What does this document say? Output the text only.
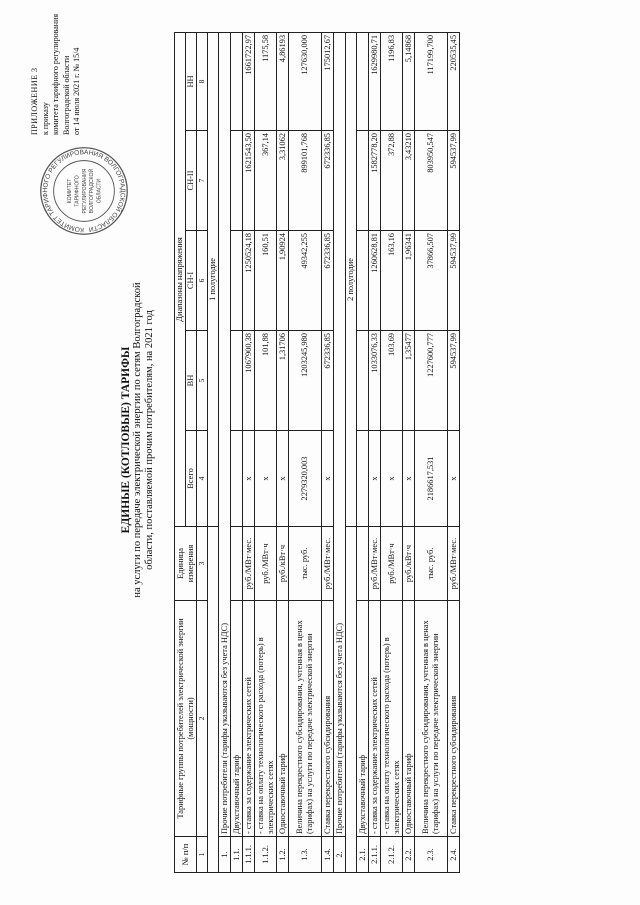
ПРИЛОЖЕНИЕ 3 к приказу комитета тарифного регулирования Волгоградской области от 14 июля 2021 г. № 15/4
КОМИТЕТ ТАРИФНОГО РЕГУЛИРОВАНИЯ ВОЛГОГРАДСКОЙ ОБЛАСТИ
КОМИТЕТ ТАРИФНОГО РЕГУЛИРОВАНИЯ ВОЛГОГРАДСКОЙ ОБЛАСТИ
ЕДИНЫЕ (КОТЛОВЫЕ) ТАРИФЫ на услуги по передаче электрической энергии по сетям Волгоградской области, поставляемой прочим потребителям, на 2021 год
№ п/п	Тарифные группы потребителей электрической энергии (мощности)	Единица измерения	Диапазоны напряжения				
			Всего	ВН	СН-I	СН-II	НН
1	2	3	4	5	6	7	8
			1 полугодие				
1.	Прочие потребители (тарифы указываются без учета НДС)						
1.1.	Двухставочный тариф						
1.1.1.	- ставка за содержание электрических сетей	руб./МВт·мес.	х	1067900,38	1250524,18	1621543,50	1661722,97
1.1.2.	- ставка на оплату технологического расхода (потерь) в электрических сетях	руб./МВт·ч	х	101,88	160,51	367,14	1175,58
1.2.	Одноставочный тариф	руб./кВт·ч	х	1,31706	1,90924	3,31062	4,86193
1.3.	Величина перекрестного субсидирования, учтенная в ценах (тарифах) на услуги по передаче электрической энергии	тыс. руб.	2279320,003	1203245,980	49342,255	899101,768	127630,000
1.4.	Ставка перекрестного субсидирования	руб./МВт·мес.	х	672336,85	672336,85	672336,85	175012,67
2.	Прочие потребители (тарифы указываются без учета НДС)						
			2 полугодие				
2.1.	Двухставочный тариф						
2.1.1.	- ставка за содержание электрических сетей	руб./МВт·мес.	х	1033076,33	1260628,81	1582778,20	1629980,71
2.1.2.	- ставка на оплату технологического расхода (потерь) в электрических сетях	руб./МВт·ч	х	103,69	163,16	372,88	1196,83
2.2.	Одноставочный тариф	руб./кВт·ч	х	1,35477	1,96341	3,43210	5,14868
2.3.	Величина перекрестного субсидирования, учтенная в ценах (тарифах) на услуги по передаче электрической энергии	тыс. руб.	2186617,531	1227600,777	37866,507	803950,547	117199,700
2.4.	Ставка перекрестного субсидирования	руб./МВт·мес.	х	594537,99	594537,99	594537,99	220535,45
